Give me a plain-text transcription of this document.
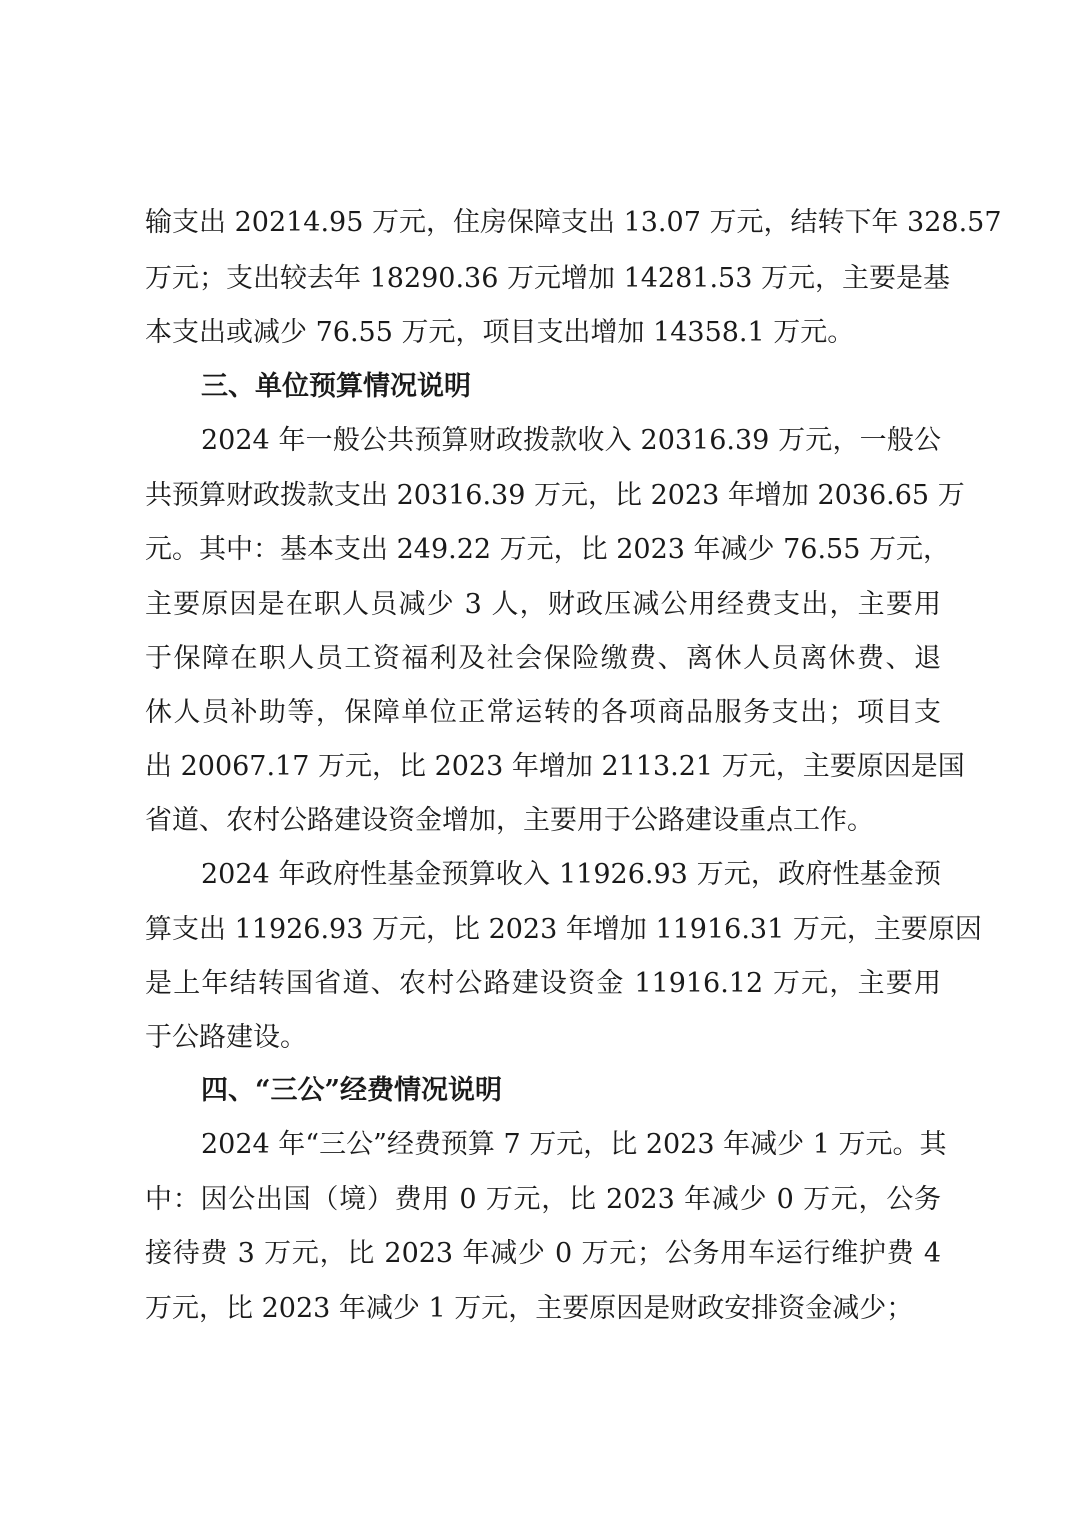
输支出 20214.95 万元，住房保障支出 13.07 万元，结转下年 328.57
万元；支出较去年 18290.36 万元增加 14281.53 万元，主要是基
本支出或减少 76.55 万元，项目支出增加 14358.1 万元。
三、单位预算情况说明
2024 年一般公共预算财政拨款收入 20316.39 万元，一般公
共预算财政拨款支出 20316.39 万元，比 2023 年增加 2036.65 万
元。其中：基本支出 249.22 万元，比 2023 年减少 76.55 万元，
主要原因是在职人员减少 3 人，财政压减公用经费支出，主要用
于保障在职人员工资福利及社会保险缴费、离休人员离休费、退
休人员补助等，保障单位正常运转的各项商品服务支出；项目支
出 20067.17 万元，比 2023 年增加 2113.21 万元，主要原因是国
省道、农村公路建设资金增加，主要用于公路建设重点工作。
2024 年政府性基金预算收入 11926.93 万元，政府性基金预
算支出 11926.93 万元，比 2023 年增加 11916.31 万元，主要原因
是上年结转国省道、农村公路建设资金 11916.12 万元，主要用
于公路建设。
四、“三公”经费情况说明
2024 年“三公”经费预算 7 万元，比 2023 年减少 1 万元。其
中：因公出国（境）费用 0 万元，比 2023 年减少 0 万元，公务
接待费 3 万元，比 2023 年减少 0 万元；公务用车运行维护费 4
万元，比 2023 年减少 1 万元，主要原因是财政安排资金减少；
